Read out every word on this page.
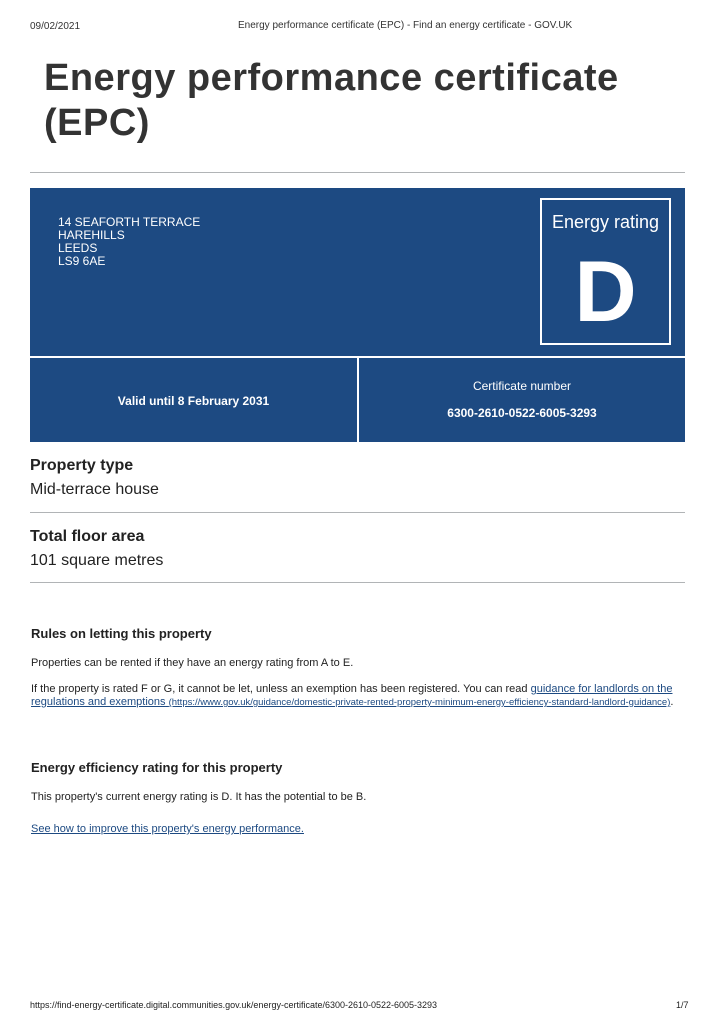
09/02/2021	Energy performance certificate (EPC) - Find an energy certificate - GOV.UK
Energy performance certificate (EPC)
14 SEAFORTH TERRACE
HAREHILLS
LEEDS
LS9 6AE
Energy rating
D
Valid until 8 February 2031
Certificate number
6300-2610-0522-6005-3293
Property type
Mid-terrace house
Total floor area
101 square metres
Rules on letting this property
Properties can be rented if they have an energy rating from A to E.
If the property is rated F or G, it cannot be let, unless an exemption has been registered. You can read guidance for landlords on the regulations and exemptions (https://www.gov.uk/guidance/domestic-private-rented-property-minimum-energy-efficiency-standard-landlord-guidance).
Energy efficiency rating for this property
This property's current energy rating is D. It has the potential to be B.
See how to improve this property's energy performance.
https://find-energy-certificate.digital.communities.gov.uk/energy-certificate/6300-2610-0522-6005-3293	1/7
